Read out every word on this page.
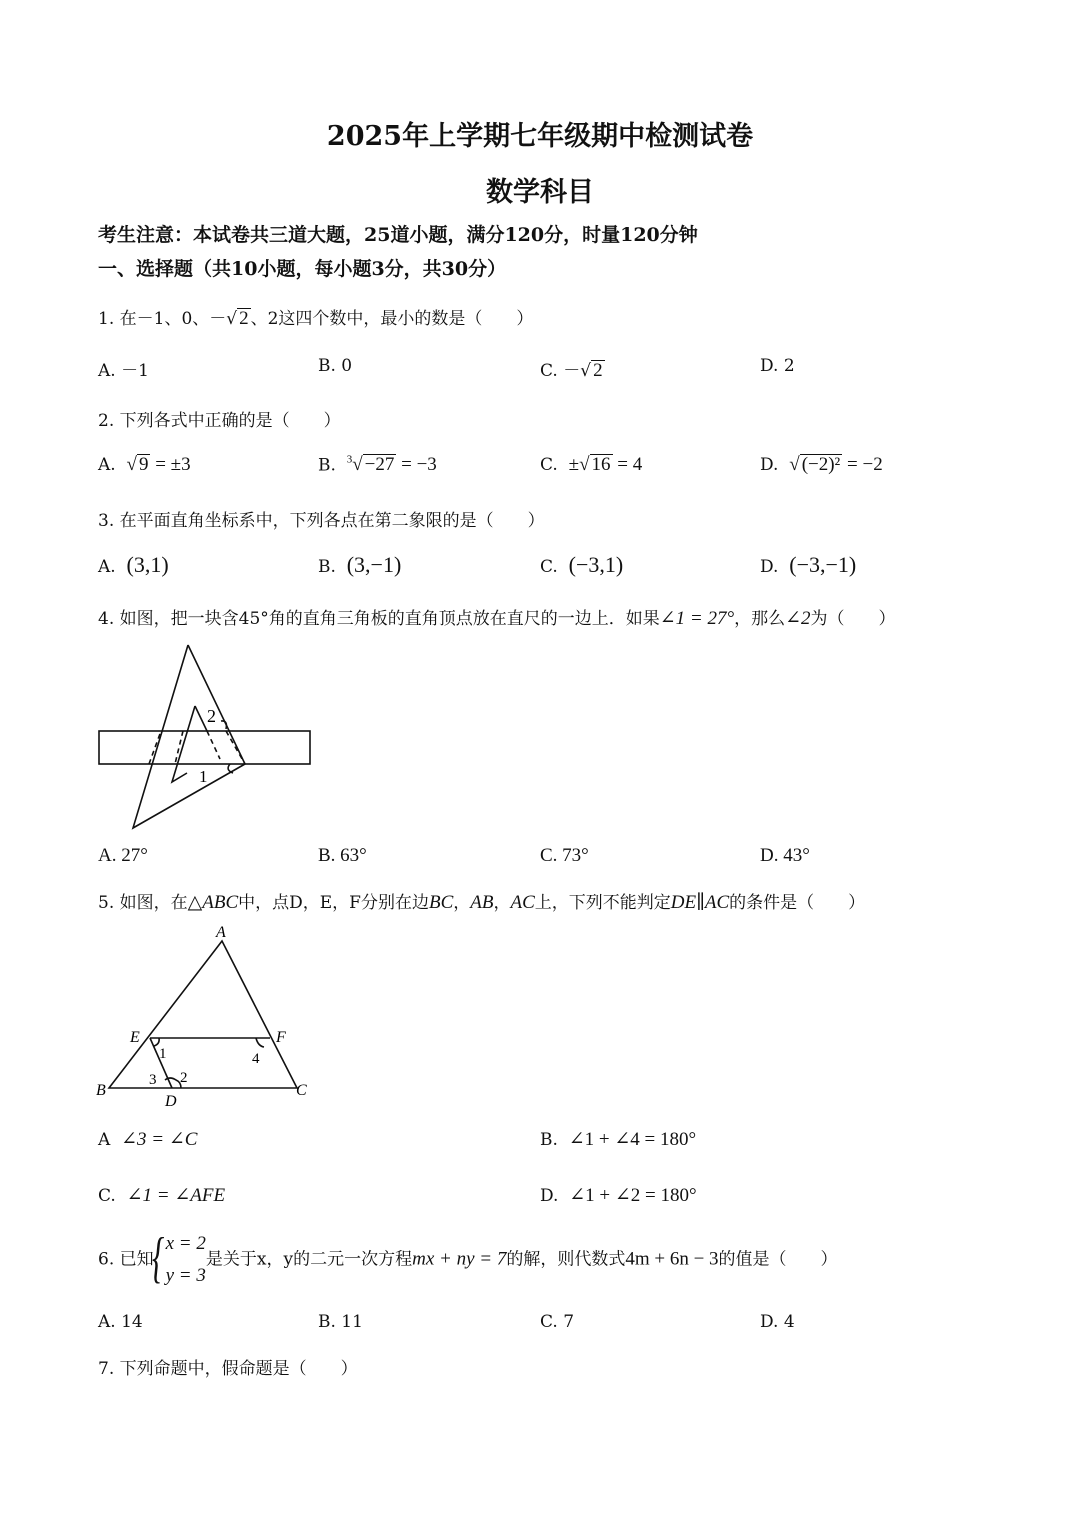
2025年上学期七年级期中检测试卷
数学科目
考生注意：本试卷共三道大题，25道小题，满分120分，时量120分钟
一、选择题（共10小题，每小题3分，共30分）
1. 在－1、0、－√ 2 、2这四个数中，最小的数是（　　）
A. －1	B. 0	C. －√ 2	D. 2
2. 下列各式中正确的是（　　）
A. √ 9 = ±3	B. $^3$√ −27 = −3	C. ±√ 16 = 4	D. √ (−2)² = −2
3. 在平面直角坐标系中，下列各点在第二象限的是（　　）
A. (3,1)	B. (3,−1)	C. (−3,1)	D. (−3,−1)
4. 如图，把一块含45°角的直角三角板的直角顶点放在直尺的一边上．如果∠1 = 27°，那么∠2为（　　）
2
1
A. 27°	B. 63°	C. 73°	D. 43°
5. 如图，在△ABC中，点D，E，F分别在边BC，AB，AC上，下列不能判定DE∥AC的条件是（　　）
A
B	C
D
E	F
1
2
3
4
A ∠3 = ∠C	B. ∠1 + ∠4 = 180°
C. ∠1 = ∠AFE	D. ∠1 + ∠2 = 180°
6. 已知
{ x = 2
y = 3
是关于x，y的二元一次方程mx + ny = 7的解，则代数式4m + 6n − 3的值是（　　）
A. 14	B. 11	C. 7	D. 4
7. 下列命题中，假命题是（　　）
